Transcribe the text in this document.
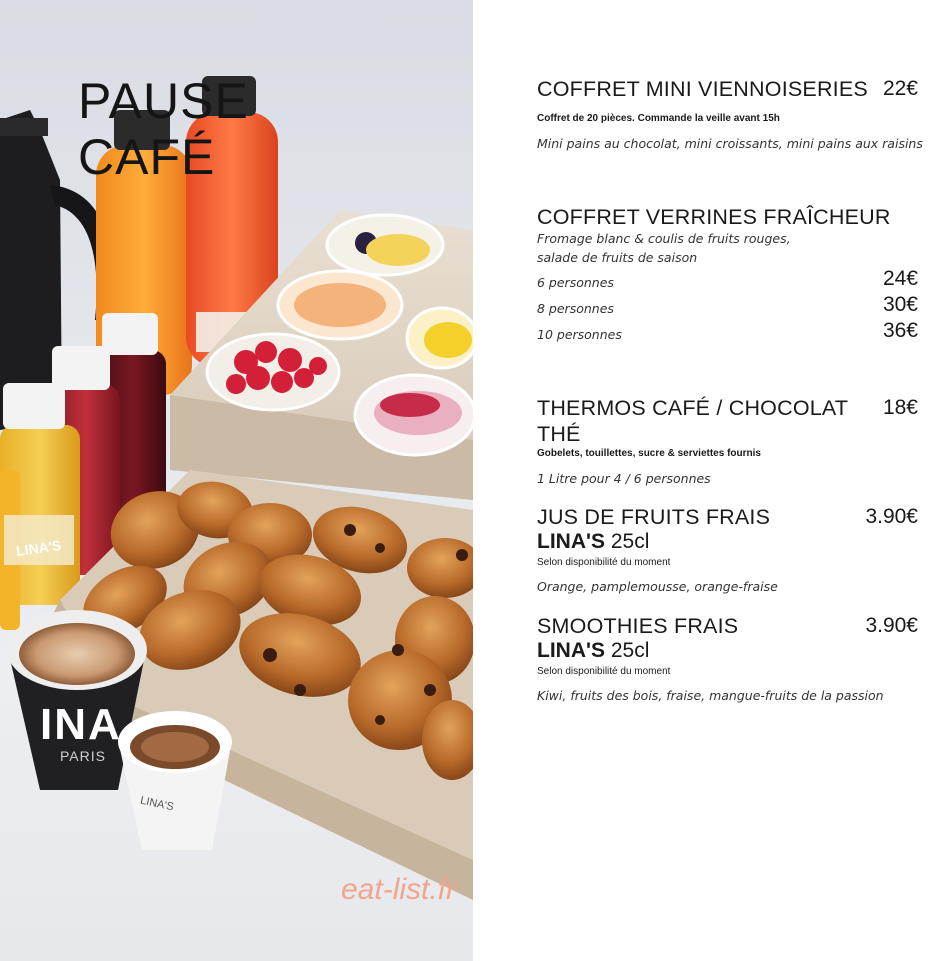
PAUSE
CAFÉ
INA
PARIS
LINA'S
LINA'S
eat-list.fr
COFFRET MINI VIENNOISERIES 22€
Coffret de 20 pièces. Commande la veille avant 15h
Mini pains au chocolat, mini croissants, mini pains aux raisins
COFFRET VERRINES FRAÎCHEUR
Fromage blanc & coulis de fruits rouges,
salade de fruits de saison
6 personnes	24€
8 personnes	30€
10 personnes	36€
THERMOS CAFÉ / CHOCOLAT 18€
THÉ
Gobelets, touillettes, sucre & serviettes fournis
1 Litre pour 4 / 6 personnes
JUS DE FRUITS FRAIS	3.90€
LINA'S 25cl
Selon disponibilité du moment
Orange, pamplemousse, orange-fraise
SMOOTHIES FRAIS	3.90€
LINA'S 25cl
Selon disponibilité du moment
Kiwi, fruits des bois, fraise, mangue-fruits de la passion
